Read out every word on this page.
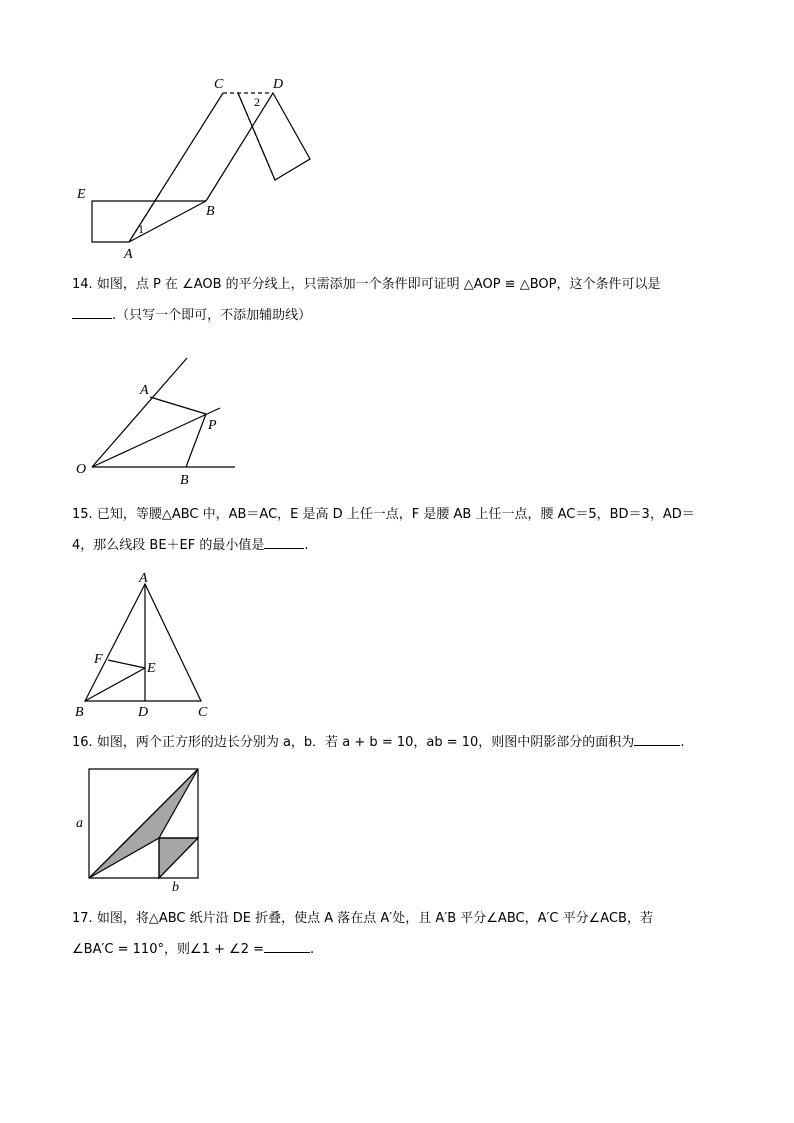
C	D
E
B
A
1
2

14. 如图，点 P 在 ∠AOB 的平分线上，只需添加一个条件即可证明 △AOP ≌ △BOP，这个条件可以是

.（只写一个即可，不添加辅助线）

A
P
O
B

15. 已知，等腰△ABC 中，AB＝AC，E 是高 D 上任一点，F 是腰 AB 上任一点，腰 AC＝5，BD＝3，AD＝

4，那么线段 BE＋EF 的最小值是	.

A
F
E
B	D	C

16. 如图，两个正方形的边长分别为 a，b．若 a + b = 10，ab = 10，则图中阴影部分的面积为	.

a
b

17. 如图，将△ABC 纸片沿 DE 折叠，使点 A 落在点 A′处，且 A′B 平分∠ABC，A′C 平分∠ACB，若

∠BA′C = 110°，则∠1 + ∠2 =	.
